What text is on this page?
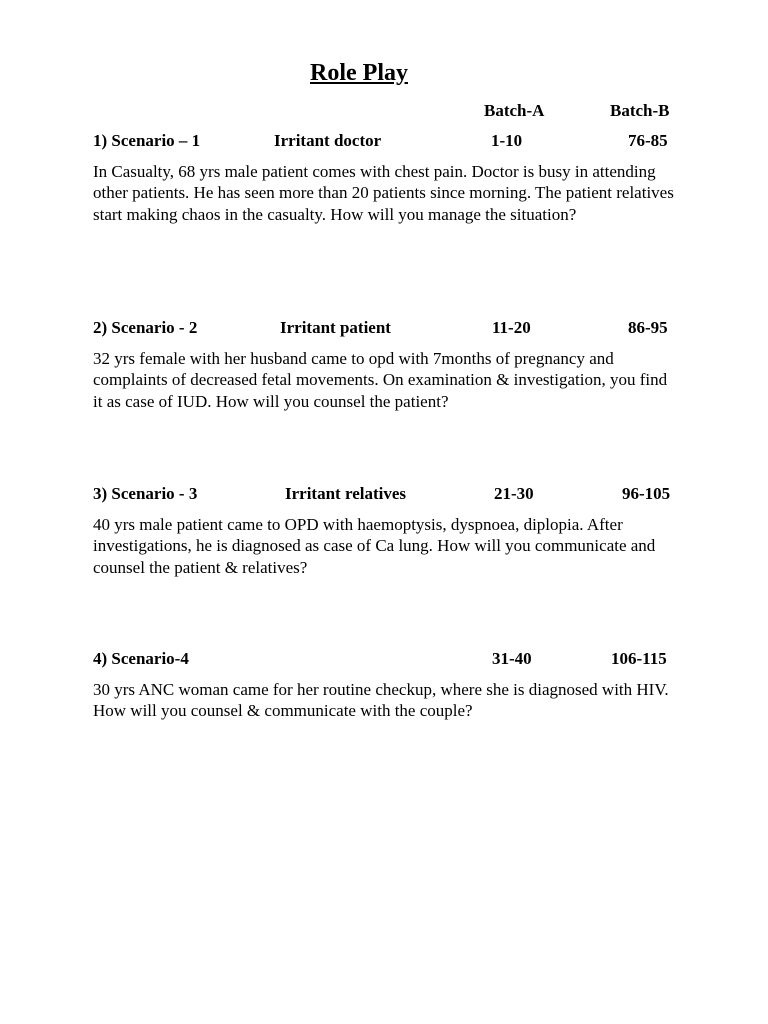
Role Play
Batch-A	Batch-B
1) Scenario – 1	Irritant doctor	1-10	76-85
In Casualty, 68 yrs male patient comes with chest pain. Doctor is busy in attending other patients. He has seen more than 20 patients since morning. The patient relatives start making chaos in the casualty. How will you manage the situation?
2) Scenario - 2	Irritant patient	11-20	86-95
32 yrs female with her husband came to opd with 7months of pregnancy and complaints of decreased fetal movements. On examination & investigation, you find it as case of IUD. How will you counsel the patient?
3) Scenario - 3	Irritant relatives	21-30	96-105
40 yrs male patient came to OPD with haemoptysis, dyspnoea, diplopia. After investigations, he is diagnosed as case of Ca lung. How will you communicate and counsel the patient & relatives?
4) Scenario-4	31-40	106-115
30 yrs ANC woman came for her routine checkup, where she is diagnosed with HIV. How will you counsel & communicate with the couple?
